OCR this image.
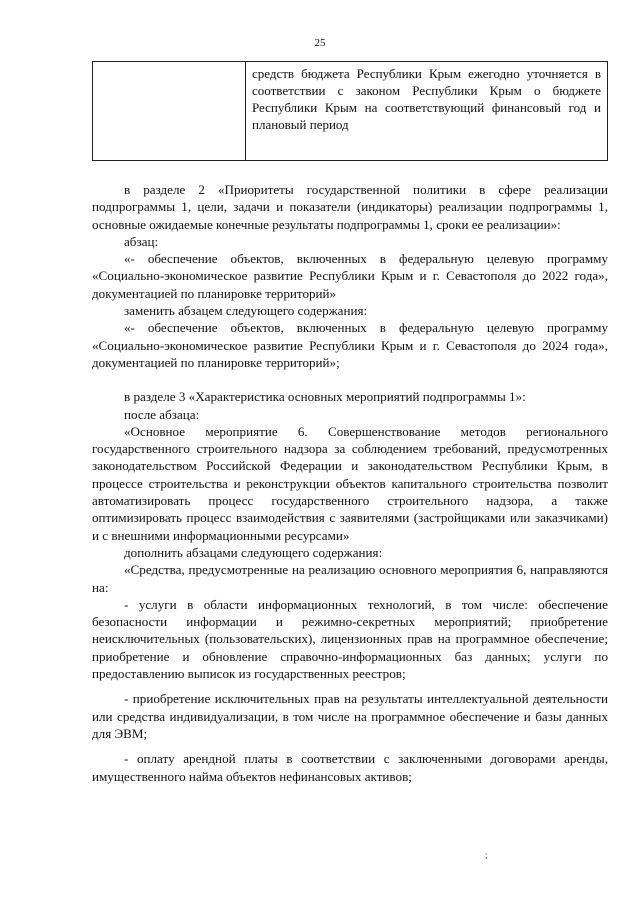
25
	средств бюджета Республики Крым ежегодно уточняется в соответствии с законом Республики Крым о бюджете Республики Крым на соответствующий финансовый год и плановый период

в разделе 2 «Приоритеты государственной политики в сфере реализации подпрограммы 1, цели, задачи и показатели (индикаторы) реализации подпрограммы 1, основные ожидаемые конечные результаты подпрограммы 1, сроки ее реализации»:

абзац:

«- обеспечение объектов, включенных в федеральную целевую программу «Социально-экономическое развитие Республики Крым и г. Севастополя до 2022 года», документацией по планировке территорий»

заменить абзацем следующего содержания:

«- обеспечение объектов, включенных в федеральную целевую программу «Социально-экономическое развитие Республики Крым и г. Севастополя до 2024 года», документацией по планировке территорий»;

в разделе 3 «Характеристика основных мероприятий подпрограммы 1»:

после абзаца:

«Основное мероприятие 6. Совершенствование методов регионального государственного строительного надзора за соблюдением требований, предусмотренных законодательством Российской Федерации и законодательством Республики Крым, в процессе строительства и реконструкции объектов капитального строительства позволит автоматизировать процесс государственного строительного надзора, а также оптимизировать процесс взаимодействия с заявителями (застройщиками или заказчиками) и с внешними информационными ресурсами»

дополнить абзацами следующего содержания:

«Средства, предусмотренные на реализацию основного мероприятия 6, направляются на:

- услуги в области информационных технологий, в том числе: обеспечение безопасности информации и режимно-секретных мероприятий; приобретение неисключительных (пользовательских), лицензионных прав на программное обеспечение; приобретение и обновление справочно-информационных баз данных; услуги по предоставлению выписок из государственных реестров;

- приобретение исключительных прав на результаты интеллектуальной деятельности или средства индивидуализации, в том числе на программное обеспечение и базы данных для ЭВМ;

- оплату арендной платы в соответствии с заключенными договорами аренды, имущественного найма объектов нефинансовых активов;

;
